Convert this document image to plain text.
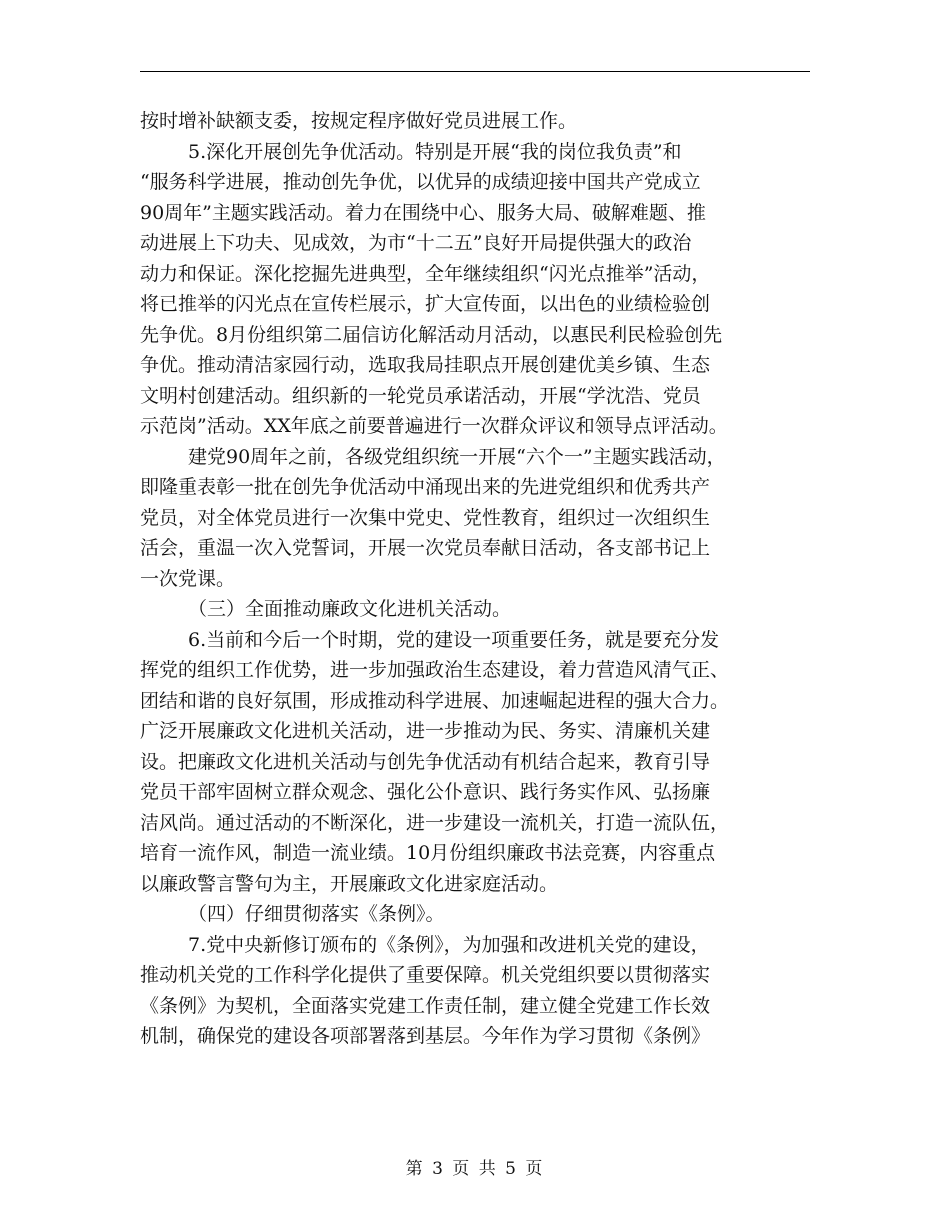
按时增补缺额支委，按规定程序做好党员进展工作。
5.深化开展创先争优活动。特别是开展“我的岗位我负责”和
“服务科学进展，推动创先争优，以优异的成绩迎接中国共产党成立
90周年”主题实践活动。着力在围绕中心、服务大局、破解难题、推
动进展上下功夫、见成效，为市“十二五”良好开局提供强大的政治
动力和保证。深化挖掘先进典型，全年继续组织“闪光点推举”活动，
将已推举的闪光点在宣传栏展示，扩大宣传面，以出色的业绩检验创
先争优。8月份组织第二届信访化解活动月活动，以惠民利民检验创先
争优。推动清洁家园行动，选取我局挂职点开展创建优美乡镇、生态
文明村创建活动。组织新的一轮党员承诺活动，开展“学沈浩、党员
示范岗”活动。XX年底之前要普遍进行一次群众评议和领导点评活动。
建党90周年之前，各级党组织统一开展“六个一”主题实践活动，
即隆重表彰一批在创先争优活动中涌现出来的先进党组织和优秀共产
党员，对全体党员进行一次集中党史、党性教育，组织过一次组织生
活会，重温一次入党誓词，开展一次党员奉献日活动，各支部书记上
一次党课。
（三）全面推动廉政文化进机关活动。
6.当前和今后一个时期，党的建设一项重要任务，就是要充分发
挥党的组织工作优势，进一步加强政治生态建设，着力营造风清气正、
团结和谐的良好氛围，形成推动科学进展、加速崛起进程的强大合力。
广泛开展廉政文化进机关活动，进一步推动为民、务实、清廉机关建
设。把廉政文化进机关活动与创先争优活动有机结合起来，教育引导
党员干部牢固树立群众观念、强化公仆意识、践行务实作风、弘扬廉
洁风尚。通过活动的不断深化，进一步建设一流机关，打造一流队伍，
培育一流作风，制造一流业绩。10月份组织廉政书法竞赛，内容重点
以廉政警言警句为主，开展廉政文化进家庭活动。
（四）仔细贯彻落实《条例》。
7.党中央新修订颁布的《条例》，为加强和改进机关党的建设，
推动机关党的工作科学化提供了重要保障。机关党组织要以贯彻落实
《条例》为契机，全面落实党建工作责任制，建立健全党建工作长效
机制，确保党的建设各项部署落到基层。今年作为学习贯彻《条例》
第 3 页 共 5 页
